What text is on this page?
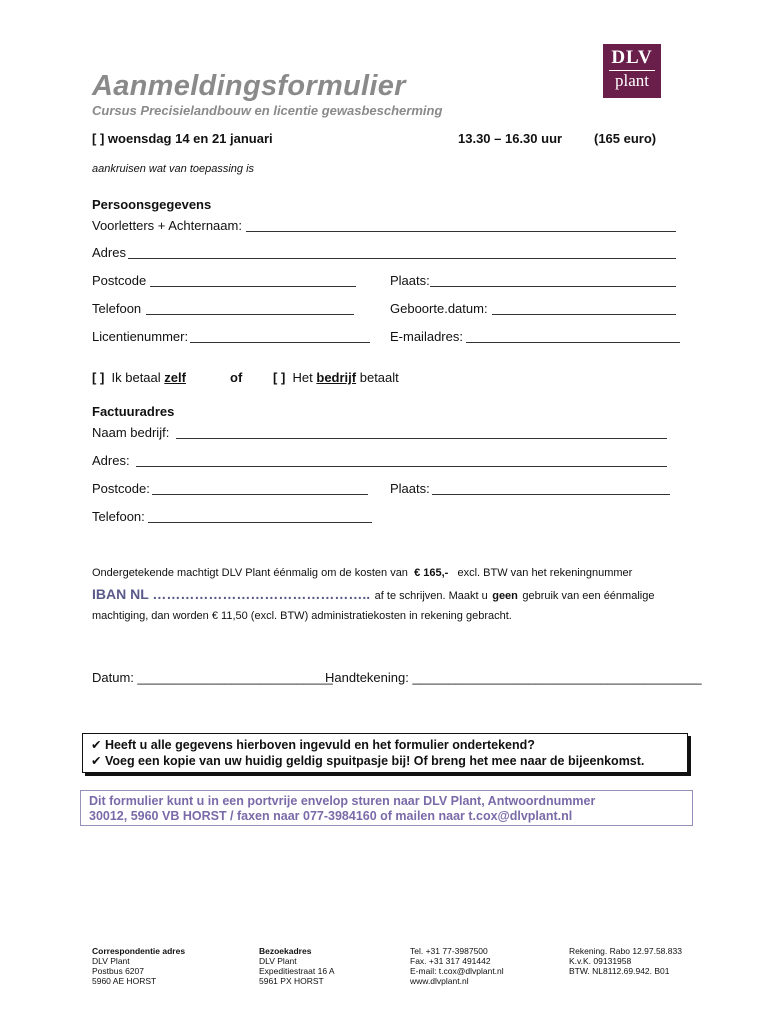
DLV
plant
Aanmeldingsformulier
Cursus Precisielandbouw en licentie gewasbescherming
[ ] woensdag 14 en 21 januari	13.30 – 16.30 uur (165 euro)
aankruisen wat van toepassing is
Persoonsgegevens
Voorletters + Achternaam:
Adres
Postcode	Plaats:
Telefoon	Geboorte.datum:
Licentienummer:	E-mailadres:
[ ] Ik betaal zelf	of [ ] Het bedrijf betaalt
Factuuradres
Naam bedrijf:
Adres:
Postcode:	Plaats:
Telefoon:
Ondergetekende machtigt DLV Plant éénmalig om de kosten van € 165,- excl. BTW van het rekeningnummer
IBAN NL ……………………………………….. af te schrijven. Maakt u geen gebruik van een éénmalige
machtiging, dan worden € 11,50 (excl. BTW) administratiekosten in rekening gebracht.
Datum: ___________________________
Handtekening: ________________________________________
✔ Heeft u alle gegevens hierboven ingevuld en het formulier ondertekend?
✔ Voeg een kopie van uw huidig geldig spuitpasje bij! Of breng het mee naar de bijeenkomst.
Dit formulier kunt u in een portvrije envelop sturen naar DLV Plant, Antwoordnummer
30012, 5960 VB HORST / faxen naar 077-3984160 of mailen naar t.cox@dlvplant.nl
Correspondentie adres
DLV Plant
Postbus 6207
5960 AE HORST
Bezoekadres
DLV Plant
Expeditiestraat 16 A
5961 PX HORST
Tel. +31 77-3987500
Fax. +31 317 491442
E-mail: t.cox@dlvplant.nl
www.dlvplant.nl
Rekening. Rabo 12.97.58.833
K.v.K. 09131958
BTW. NL8112.69.942. B01
